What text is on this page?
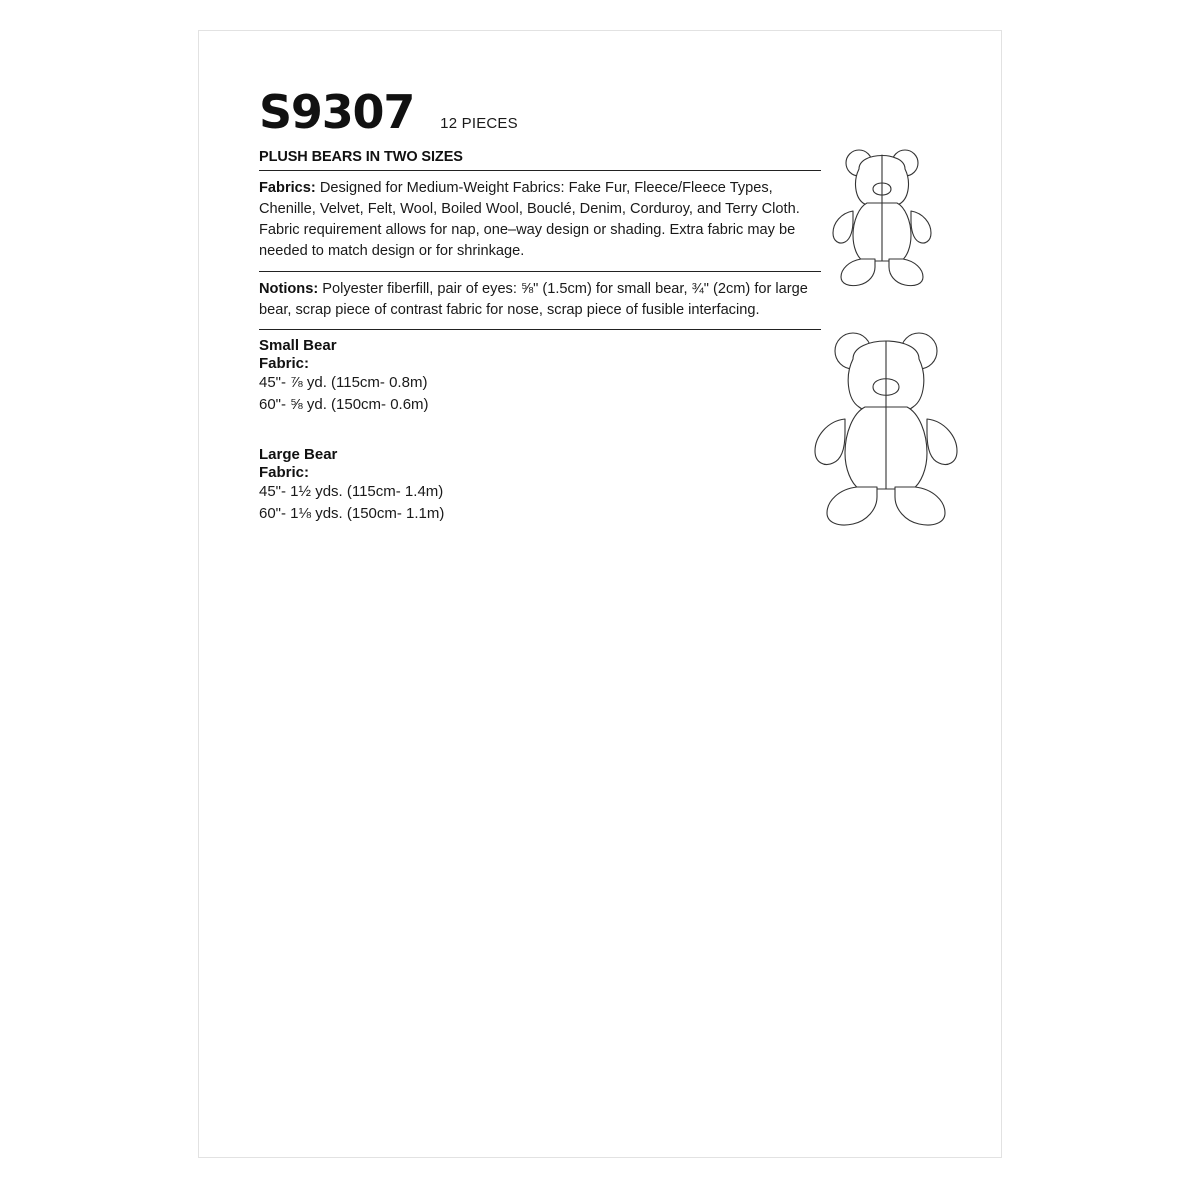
S9307 12 PIECES
PLUSH BEARS IN TWO SIZES
Fabrics: Designed for Medium-Weight Fabrics: Fake Fur, Fleece/Fleece Types, Chenille, Velvet, Felt, Wool, Boiled Wool, Bouclé, Denim, Corduroy, and Terry Cloth. Fabric requirement allows for nap, one–way design or shading. Extra fabric may be needed to match design or for shrinkage.
Notions: Polyester fiberfill, pair of eyes: ⅝" (1.5cm) for small bear, ¾" (2cm) for large bear, scrap piece of contrast fabric for nose, scrap piece of fusible interfacing.
Small Bear
Fabric:
45"- ⅞ yd. (115cm- 0.8m)
60"- ⅝ yd. (150cm- 0.6m)
Large Bear
Fabric:
45"- 1½ yds. (115cm- 1.4m)
60"- 1⅛ yds. (150cm- 1.1m)
